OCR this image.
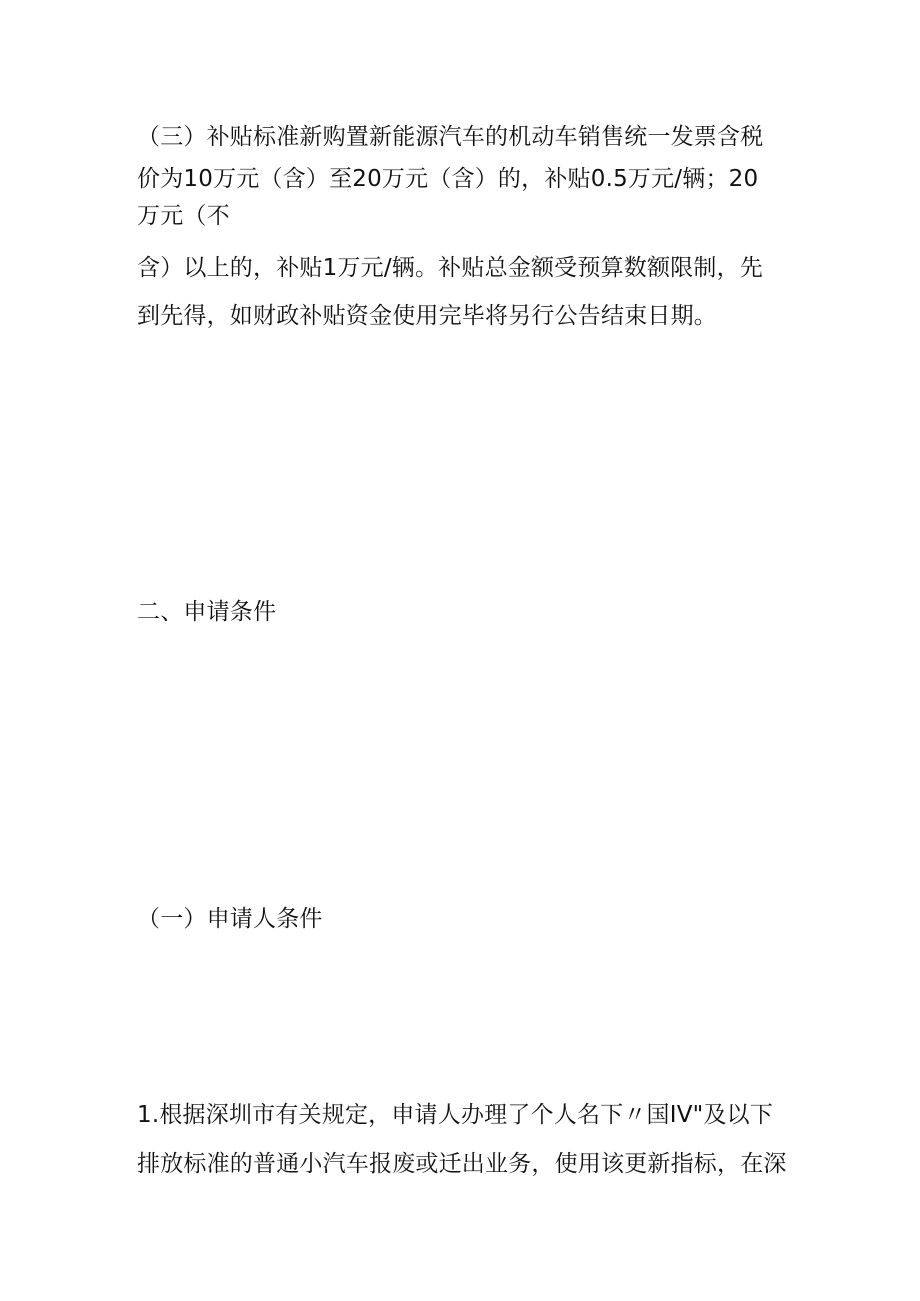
（三）补贴标准新购置新能源汽车的机动车销售统一发票含税
价为10万元（含）至20万元（含）的，补贴0.5万元/辆；20
万元（不
含）以上的，补贴1万元/辆。补贴总金额受预算数额限制，先
到先得，如财政补贴资金使用完毕将另行公告结束日期。
二、申请条件
（一）申请人条件
1.根据深圳市有关规定，申请人办理了个人名下〃国IV"及以下
排放标准的普通小汽车报废或迁出业务，使用该更新指标，在深
